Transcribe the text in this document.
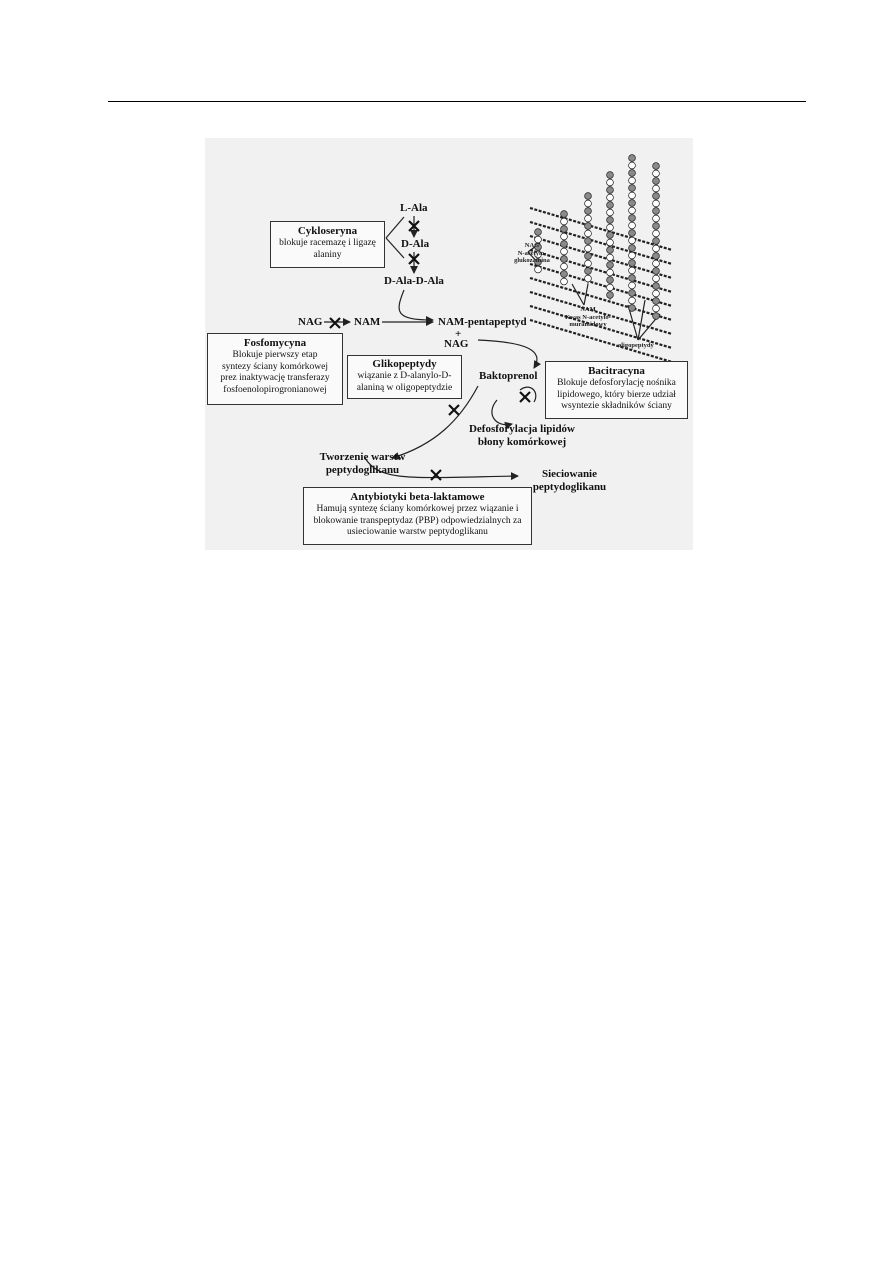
L-Ala
D-Ala
D-Ala-D-Ala
NAG	NAM	NAM-pentapeptyd
+
NAG
Baktoprenol
Defosforylacja lipidów
błony komórkowej
Tworzenie warstw
peptydoglikanu	Sieciowanie
peptydoglikanu
NAG
N-acetylo-
glukozamina
NAM
Kwas N-acetylo-
muramidowy
oligopeptydy
Cykloseryna
blokuje racemazę i ligazę
alaniny
Fosfomycyna
Blokuje pierwszy etap
syntezy ściany komórkowej
prez inaktywację transferazy
fosfoenolopirogronianowej
Glikopeptydy
wiązanie z D-alanylo-D-
alaniną w oligopeptydzie
Bacitracyna
Blokuje defosforylację nośnika
lipidowego, który bierze udział
wsyntezie składników ściany
Antybiotyki beta-laktamowe
Hamują syntezę ściany komórkowej przez wiązanie i
blokowanie transpeptydaz (PBP) odpowiedzialnych za
usieciowanie warstw peptydoglikanu
